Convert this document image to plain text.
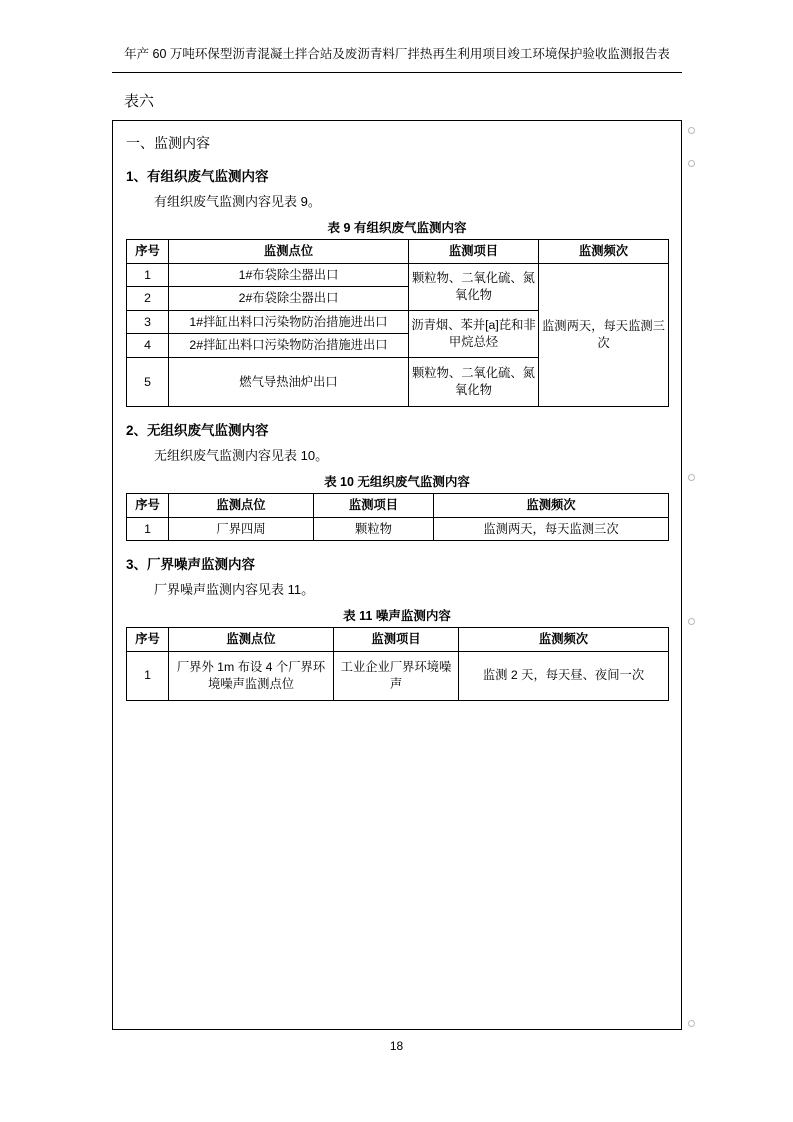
年产 60 万吨环保型沥青混凝土拌合站及废沥青料厂拌热再生利用项目竣工环境保护验收监测报告表
表六
一、监测内容
1、有组织废气监测内容
有组织废气监测内容见表 9。
表 9 有组织废气监测内容
序号	监测点位	监测项目	监测频次
1	1#布袋除尘器出口	颗粒物、二氧化硫、氮氧化物	监测两天，每天监测三次
2	2#布袋除尘器出口		
3	1#拌缸出料口污染物防治措施进出口	沥青烟、苯并[a]芘和非甲烷总烃	
4	2#拌缸出料口污染物防治措施进出口		
5	燃气导热油炉出口	颗粒物、二氧化硫、氮氧化物	
2、无组织废气监测内容
无组织废气监测内容见表 10。
表 10 无组织废气监测内容
序号	监测点位	监测项目	监测频次
1	厂界四周	颗粒物	监测两天，每天监测三次
3、厂界噪声监测内容
厂界噪声监测内容见表 11。
表 11 噪声监测内容
序号	监测点位	监测项目	监测频次
1	厂界外 1m 布设 4 个厂界环境噪声监测点位	工业企业厂界环境噪声	监测 2 天，每天昼、夜间一次
18
